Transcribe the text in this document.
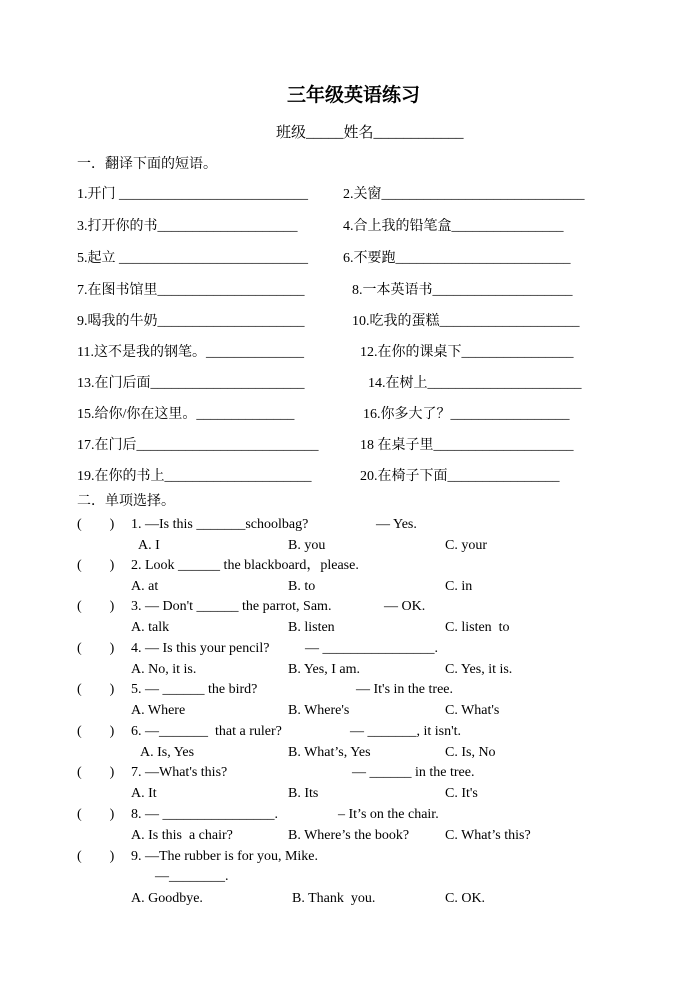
三年级英语练习
班级_____姓名____________
一．翻译下面的短语。
1.开门 ___________________________	2.关窗_____________________________
3.打开你的书____________________	4.合上我的铅笔盒________________
5.起立 ___________________________	6.不要跑_________________________
7.在图书馆里_____________________	8.一本英语书____________________
9.喝我的牛奶_____________________	10.吃我的蛋糕____________________
11.这不是我的钢笔。______________	12.在你的课桌下________________
13.在门后面______________________	14.在树上______________________
15.给你/你在这里。______________	16.你多大了？_________________
17.在门后__________________________	18 在桌子里____________________
19.在你的书上_____________________	20.在椅子下面________________
二．单项选择。
(        ) 1. —Is this _______schoolbag?	— Yes.
A. I	B. you	C. your
(        ) 2. Look ______ the blackboard，please.
A. at	B. to	C. in
(        ) 3. — Don't ______ the parrot, Sam.	— OK.
A. talk	B. listen	C. listen  to
(        ) 4. — Is this your pencil?	— ________________.
A. No, it is.	B. Yes, I am.	C. Yes, it is.
(        ) 5. — ______ the bird?	— It's in the tree.
A. Where	B. Where's	C. What's
(        ) 6. —_______  that a ruler?	— _______, it isn't.
A. Is, Yes	B. What’s, Yes	C. Is, No
(        ) 7. —What's this?	— ______ in the tree.
A. It	B. Its	C. It's
(        ) 8. — ________________.	– It’s on the chair.
A. Is this  a chair?	B. Where’s the book?	C. What’s this?
(        ) 9. —The rubber is for you, Mike.
—________.
A. Goodbye.	B. Thank  you.	C. OK.
